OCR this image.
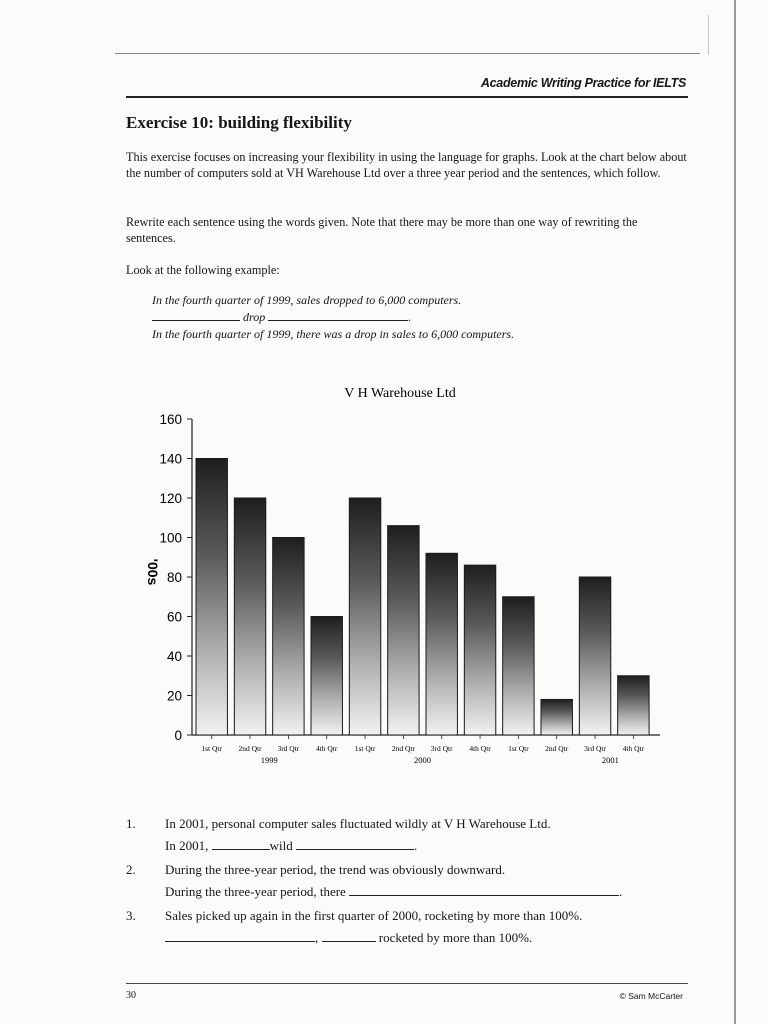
Academic Writing Practice for IELTS
Exercise 10: building flexibility

This exercise focuses on increasing your flexibility in using the language for graphs. Look at the chart below about the number of computers sold at VH Warehouse Ltd over a three year period and the sentences, which follow.

Rewrite each sentence using the words given. Note that there may be more than one way of rewriting the sentences.

Look at the following example:

In the fourth quarter of 1999, sales dropped to 6,000 computers.
drop	.
In the fourth quarter of 1999, there was a drop in sales to 6,000 computers.
V H Warehouse Ltd
'00s
0
20
40
60
80
100
120
140
160
1st Qtr 2nd Qtr 3rd Qtr 4th Qtr 1st Qtr 2nd Qtr 3rd Qtr 4th Qtr 1st Qtr 2nd Qtr 3rd Qtr 4th Qtr
1999	2000	2001
1. In 2001, personal computer sales fluctuated wildly at V H Warehouse Ltd.
In 2001,	wild	.
2. During the three-year period, the trend was obviously downward.
During the three-year period, there	.
3. Sales picked up again in the first quarter of 2000, rocketing by more than 100%.
,	rocketed by more than 100%.
30	© Sam McCarter
